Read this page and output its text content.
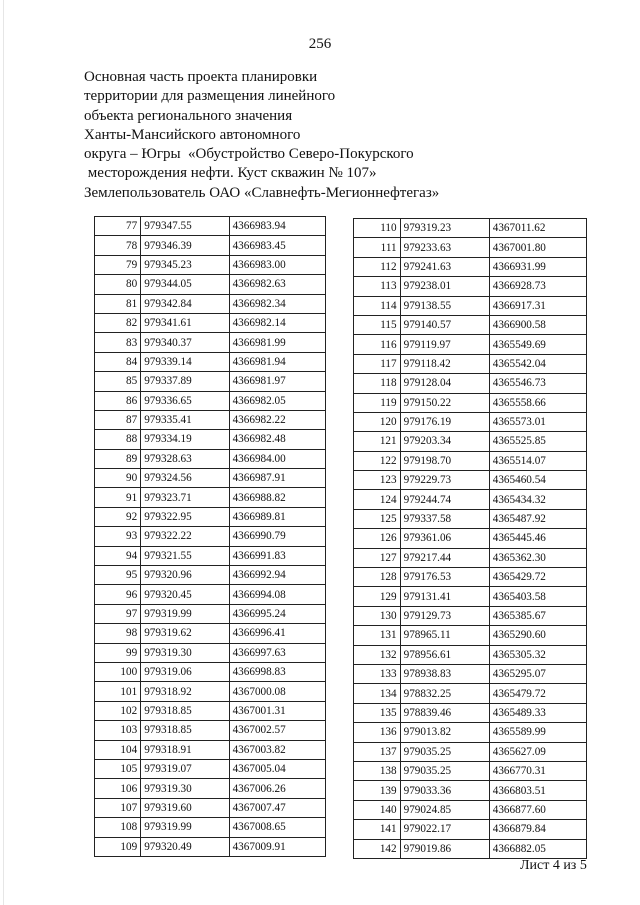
256
Основная часть проекта планировки
территории для размещения линейного
объекта регионального значения
Ханты-Мансийского автономного
округа – Югры  «Обустройство Северо-Покурского
месторождения нефти. Куст скважин № 107»
Землепользователь ОАО «Славнефть-Мегионнефтегаз»
77	979347.55	4366983.94
78	979346.39	4366983.45
79	979345.23	4366983.00
80	979344.05	4366982.63
81	979342.84	4366982.34
82	979341.61	4366982.14
83	979340.37	4366981.99
84	979339.14	4366981.94
85	979337.89	4366981.97
86	979336.65	4366982.05
87	979335.41	4366982.22
88	979334.19	4366982.48
89	979328.63	4366984.00
90	979324.56	4366987.91
91	979323.71	4366988.82
92	979322.95	4366989.81
93	979322.22	4366990.79
94	979321.55	4366991.83
95	979320.96	4366992.94
96	979320.45	4366994.08
97	979319.99	4366995.24
98	979319.62	4366996.41
99	979319.30	4366997.63
100	979319.06	4366998.83
101	979318.92	4367000.08
102	979318.85	4367001.31
103	979318.85	4367002.57
104	979318.91	4367003.82
105	979319.07	4367005.04
106	979319.30	4367006.26
107	979319.60	4367007.47
108	979319.99	4367008.65
109	979320.49	4367009.91
110	979319.23	4367011.62
111	979233.63	4367001.80
112	979241.63	4366931.99
113	979238.01	4366928.73
114	979138.55	4366917.31
115	979140.57	4366900.58
116	979119.97	4365549.69
117	979118.42	4365542.04
118	979128.04	4365546.73
119	979150.22	4365558.66
120	979176.19	4365573.01
121	979203.34	4365525.85
122	979198.70	4365514.07
123	979229.73	4365460.54
124	979244.74	4365434.32
125	979337.58	4365487.92
126	979361.06	4365445.46
127	979217.44	4365362.30
128	979176.53	4365429.72
129	979131.41	4365403.58
130	979129.73	4365385.67
131	978965.11	4365290.60
132	978956.61	4365305.32
133	978938.83	4365295.07
134	978832.25	4365479.72
135	978839.46	4365489.33
136	979013.82	4365589.99
137	979035.25	4365627.09
138	979035.25	4366770.31
139	979033.36	4366803.51
140	979024.85	4366877.60
141	979022.17	4366879.84
142	979019.86	4366882.05
Лист 4 из 5
